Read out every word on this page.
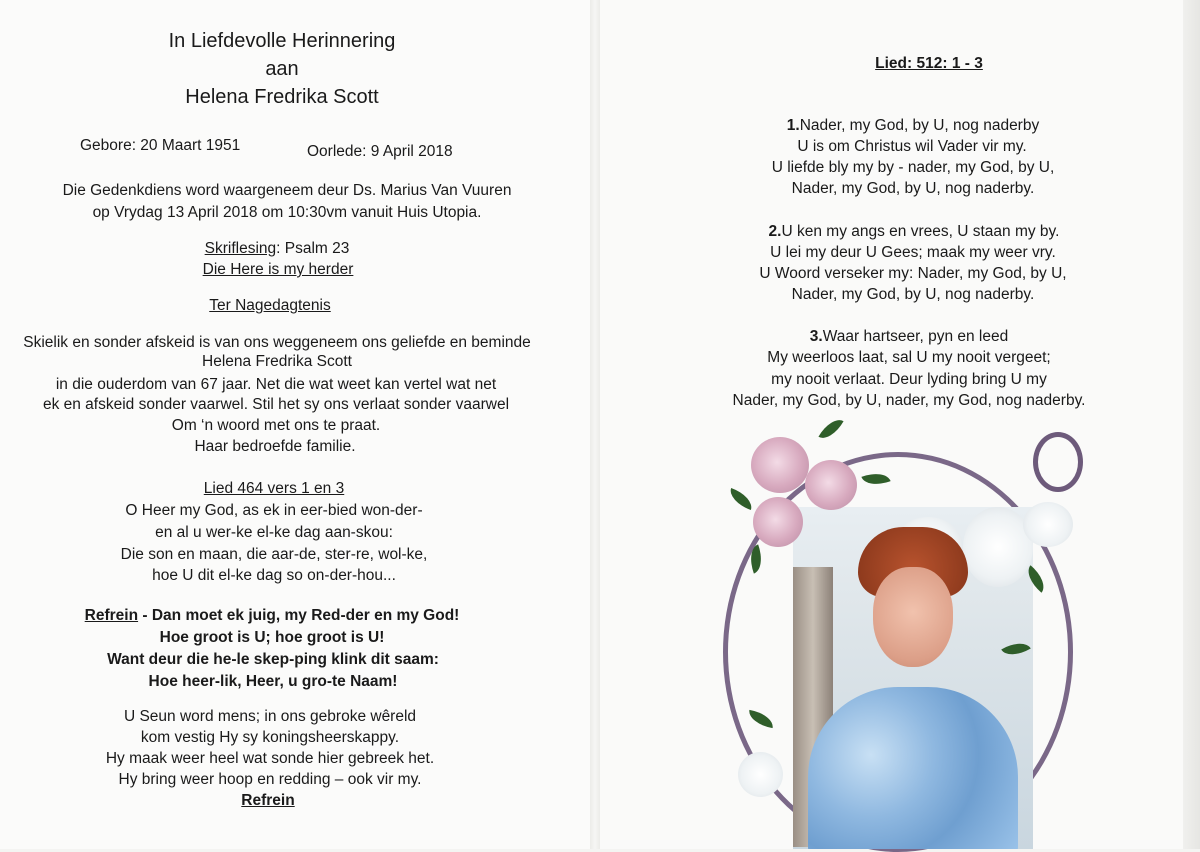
In Liefdevolle Herinnering
aan
Helena Fredrika Scott
Gebore: 20 Maart 1951	Oorlede: 9 April 2018
Die Gedenkdiens word waargeneem deur Ds. Marius Van Vuuren
op Vrydag 13 April 2018 om 10:30vm vanuit Huis Utopia.
Skriflesing: Psalm 23
Die Here is my herder
Ter Nagedagtenis
Skielik en sonder afskeid is van ons weggeneem ons geliefde en beminde
Helena Fredrika Scott
in die ouderdom van 67 jaar. Net die wat weet kan vertel wat net
ek en afskeid sonder vaarwel. Stil het sy ons verlaat sonder vaarwel
Om ‘n woord met ons te praat.
Haar bedroefde familie.
Lied 464 vers 1 en 3
O Heer my God, as ek in eer-bied won-der-
en al u wer-ke el-ke dag aan-skou:
Die son en maan, die aar-de, ster-re, wol-ke,
hoe U dit el-ke dag so on-der-hou...
Refrein - Dan moet ek juig, my Red-der en my God!
Hoe groot is U; hoe groot is U!
Want deur die he-le skep-ping klink dit saam:
Hoe heer-lik, Heer, u gro-te Naam!
U Seun word mens; in ons gebroke wêreld
kom vestig Hy sy koningsheerskappy.
Hy maak weer heel wat sonde hier gebreek het.
Hy bring weer hoop en redding – ook vir my.
Refrein
Lied: 512: 1 - 3
1.Nader, my God, by U, nog naderby
U is om Christus wil Vader vir my.
U liefde bly my by - nader, my God, by U,
Nader, my God, by U, nog naderby.
2.U ken my angs en vrees, U staan my by.
U lei my deur U Gees; maak my weer vry.
U Woord verseker my: Nader, my God, by U,
Nader, my God, by U, nog naderby.
3.Waar hartseer, pyn en leed
My weerloos laat, sal U my nooit vergeet;
my nooit verlaat. Deur lyding bring U my
Nader, my God, by U, nader, my God, nog naderby.
